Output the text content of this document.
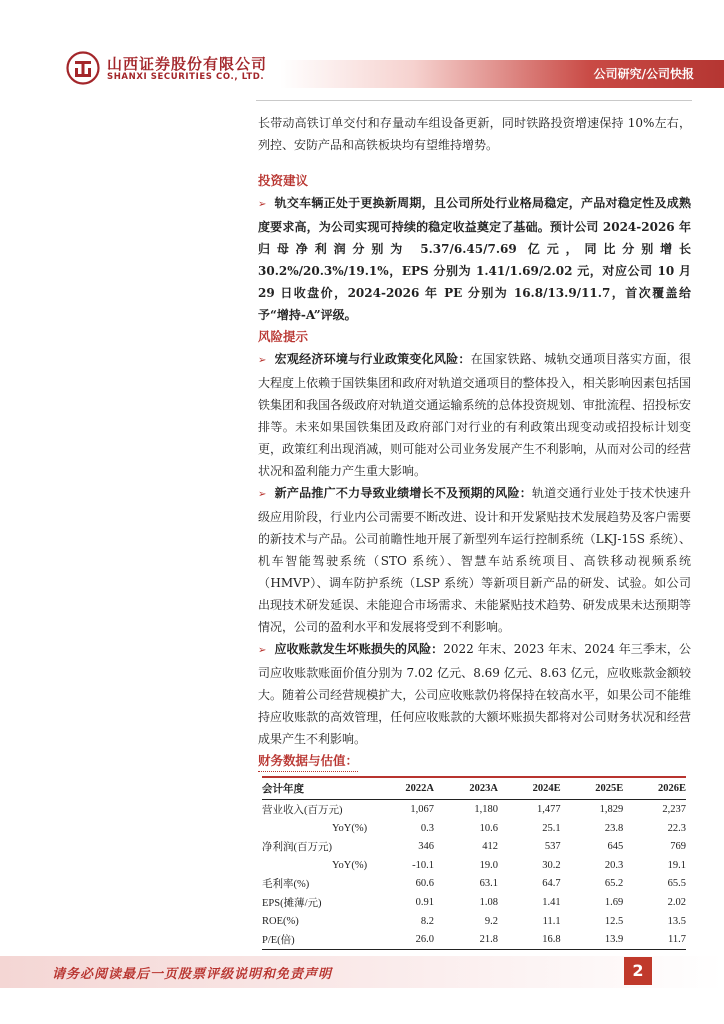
山西证券股份有限公司
SHANXI SECURITIES CO., LTD.	公司研究/公司快报

长带动高铁订单交付和存量动车组设备更新，同时铁路投资增速保持 10%左右，列控、安防产品和高铁板块均有望维持增势。

投资建议

➢ 轨交车辆正处于更换新周期，且公司所处行业格局稳定，产品对稳定性及成熟度要求高，为公司实现可持续的稳定收益奠定了基础。预计公司 2024-2026 年归母净利润分别为 5.37/6.45/7.69 亿元，同比分别增长 30.2%/20.3%/19.1%，EPS 分别为 1.41/1.69/2.02 元，对应公司 10 月 29 日收盘价，2024-2026 年 PE 分别为 16.8/13.9/11.7，首次覆盖给予“增持-A”评级。

风险提示

➢ 宏观经济环境与行业政策变化风险：在国家铁路、城轨交通项目落实方面，很大程度上依赖于国铁集团和政府对轨道交通项目的整体投入，相关影响因素包括国铁集团和我国各级政府对轨道交通运输系统的总体投资规划、审批流程、招投标安排等。未来如果国铁集团及政府部门对行业的有利政策出现变动或招投标计划变更，政策红利出现消减，则可能对公司业务发展产生不利影响，从而对公司的经营状况和盈利能力产生重大影响。

➢ 新产品推广不力导致业绩增长不及预期的风险：轨道交通行业处于技术快速升级应用阶段，行业内公司需要不断改进、设计和开发紧贴技术发展趋势及客户需要的新技术与产品。公司前瞻性地开展了新型列车运行控制系统（LKJ-15S 系统）、机车智能驾驶系统（STO 系统）、智慧车站系统项目、高铁移动视频系统（HMVP）、调车防护系统（LSP 系统）等新项目新产品的研发、试验。如公司出现技术研发延误、未能迎合市场需求、未能紧贴技术趋势、研发成果未达预期等情况，公司的盈利水平和发展将受到不利影响。

➢ 应收账款发生坏账损失的风险：2022 年末、2023 年末、2024 年三季末，公司应收账款账面价值分别为 7.02 亿元、8.69 亿元、8.63 亿元，应收账款金额较大。随着公司经营规模扩大，公司应收账款仍将保持在较高水平，如果公司不能维持应收账款的高效管理，任何应收账款的大额坏账损失都将对公司财务状况和经营成果产生不利影响。

财务数据与估值：
会计年度	2022A	2023A	2024E	2025E	2026E
营业收入(百万元)	1,067	1,180	1,477	1,829	2,237
YoY(%)	0.3	10.6	25.1	23.8	22.3
净利润(百万元)	346	412	537	645	769
YoY(%)	-10.1	19.0	30.2	20.3	19.1
毛利率(%)	60.6	63.1	64.7	65.2	65.5
EPS(摊薄/元)	0.91	1.08	1.41	1.69	2.02
ROE(%)	8.2	9.2	11.1	12.5	13.5
P/E(倍)	26.0	21.8	16.8	13.9	11.7
请务必阅读最后一页股票评级说明和免责声明	2
